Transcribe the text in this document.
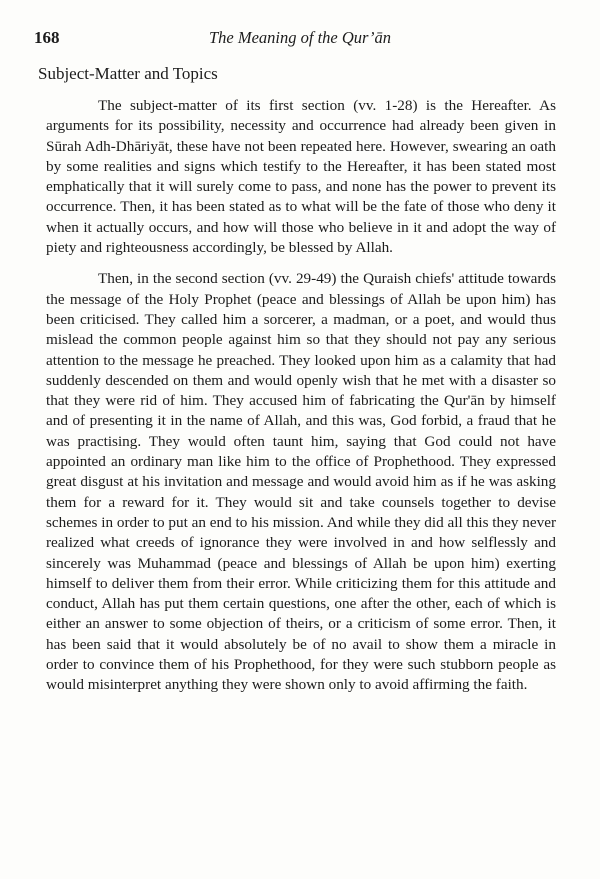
168	The Meaning of the Qur’ān
Subject-Matter and Topics

The subject-matter of its first section (vv. 1-28) is the Hereafter. As arguments for its possibility, necessity and occurrence had already been given in Sūrah Adh-Dhāriyāt, these have not been repeated here. However, swearing an oath by some realities and signs which testify to the Hereafter, it has been stated most emphatically that it will surely come to pass, and none has the power to prevent its occurrence. Then, it has been stated as to what will be the fate of those who deny it when it actually occurs, and how will those who believe in it and adopt the way of piety and righteousness accordingly, be blessed by Allah.

Then, in the second section (vv. 29-49) the Quraish chiefs' attitude towards the message of the Holy Prophet (peace and blessings of Allah be upon him) has been criticised. They called him a sorcerer, a madman, or a poet, and would thus mislead the common people against him so that they should not pay any serious attention to the message he preached. They looked upon him as a calamity that had suddenly descended on them and would openly wish that he met with a disaster so that they were rid of him. They accused him of fabricating the Qur'ān by himself and of presenting it in the name of Allah, and this was, God forbid, a fraud that he was practising. They would often taunt him, saying that God could not have appointed an ordinary man like him to the office of Prophethood. They expressed great disgust at his invitation and message and would avoid him as if he was asking them for a reward for it. They would sit and take counsels together to devise schemes in order to put an end to his mission. And while they did all this they never realized what creeds of ignorance they were involved in and how selflessly and sincerely was Muhammad (peace and blessings of Allah be upon him) exerting himself to deliver them from their error. While criticizing them for this attitude and conduct, Allah has put them certain questions, one after the other, each of which is either an answer to some objection of theirs, or a criticism of some error. Then, it has been said that it would absolutely be of no avail to show them a miracle in order to convince them of his Prophethood, for they were such stubborn people as would misinterpret anything they were shown only to avoid affirming the faith.
